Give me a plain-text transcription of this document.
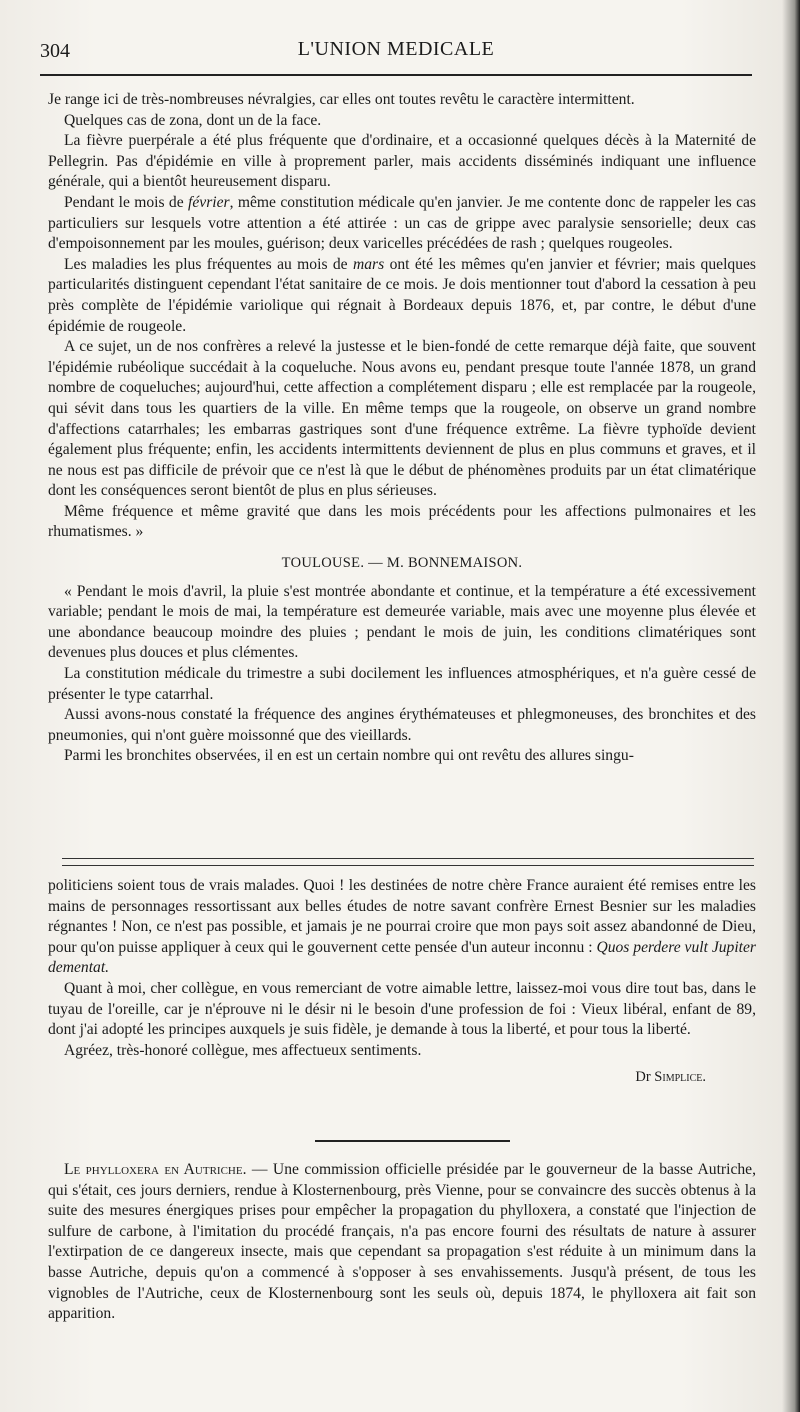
304	L'UNION MEDICALE

Je range ici de très-nombreuses névralgies, car elles ont toutes revêtu le caractère intermittent.

Quelques cas de zona, dont un de la face.

La fièvre puerpérale a été plus fréquente que d'ordinaire, et a occasionné quelques décès à la Maternité de Pellegrin. Pas d'épidémie en ville à proprement parler, mais accidents disséminés indiquant une influence générale, qui a bientôt heureusement disparu.

Pendant le mois de février, même constitution médicale qu'en janvier. Je me contente donc de rappeler les cas particuliers sur lesquels votre attention a été attirée : un cas de grippe avec paralysie sensorielle; deux cas d'empoisonnement par les moules, guérison; deux varicelles précédées de rash ; quelques rougeoles.

Les maladies les plus fréquentes au mois de mars ont été les mêmes qu'en janvier et février; mais quelques particularités distinguent cependant l'état sanitaire de ce mois. Je dois mentionner tout d'abord la cessation à peu près complète de l'épidémie variolique qui régnait à Bordeaux depuis 1876, et, par contre, le début d'une épidémie de rougeole.

A ce sujet, un de nos confrères a relevé la justesse et le bien-fondé de cette remarque déjà faite, que souvent l'épidémie rubéolique succédait à la coqueluche. Nous avons eu, pendant presque toute l'année 1878, un grand nombre de coqueluches; aujourd'hui, cette affection a complétement disparu ; elle est remplacée par la rougeole, qui sévit dans tous les quartiers de la ville. En même temps que la rougeole, on observe un grand nombre d'affections catarrhales; les embarras gastriques sont d'une fréquence extrême. La fièvre typhoïde devient également plus fréquente; enfin, les accidents intermittents deviennent de plus en plus communs et graves, et il ne nous est pas difficile de prévoir que ce n'est là que le début de phénomènes produits par un état climatérique dont les conséquences seront bientôt de plus en plus sérieuses.

Même fréquence et même gravité que dans les mois précédents pour les affections pulmonaires et les rhumatismes. »

TOULOUSE. — M. BONNEMAISON.

« Pendant le mois d'avril, la pluie s'est montrée abondante et continue, et la température a été excessivement variable; pendant le mois de mai, la température est demeurée variable, mais avec une moyenne plus élevée et une abondance beaucoup moindre des pluies ; pendant le mois de juin, les conditions climatériques sont devenues plus douces et plus clémentes.

La constitution médicale du trimestre a subi docilement les influences atmosphériques, et n'a guère cessé de présenter le type catarrhal.

Aussi avons-nous constaté la fréquence des angines érythémateuses et phlegmoneuses, des bronchites et des pneumonies, qui n'ont guère moissonné que des vieillards.

Parmi les bronchites observées, il en est un certain nombre qui ont revêtu des allures singu-

politiciens soient tous de vrais malades. Quoi ! les destinées de notre chère France auraient été remises entre les mains de personnages ressortissant aux belles études de notre savant confrère Ernest Besnier sur les maladies régnantes ! Non, ce n'est pas possible, et jamais je ne pourrai croire que mon pays soit assez abandonné de Dieu, pour qu'on puisse appliquer à ceux qui le gouvernent cette pensée d'un auteur inconnu : Quos perdere vult Jupiter dementat.

Quant à moi, cher collègue, en vous remerciant de votre aimable lettre, laissez-moi vous dire tout bas, dans le tuyau de l'oreille, car je n'éprouve ni le désir ni le besoin d'une profession de foi : Vieux libéral, enfant de 89, dont j'ai adopté les principes auxquels je suis fidèle, je demande à tous la liberté, et pour tous la liberté.

Agréez, très-honoré collègue, mes affectueux sentiments.

Dr Simplice.

Le phylloxera en Autriche. — Une commission officielle présidée par le gouverneur de la basse Autriche, qui s'était, ces jours derniers, rendue à Klosternenbourg, près Vienne, pour se convaincre des succès obtenus à la suite des mesures énergiques prises pour empêcher la propagation du phylloxera, a constaté que l'injection de sulfure de carbone, à l'imitation du procédé français, n'a pas encore fourni des résultats de nature à assurer l'extirpation de ce dangereux insecte, mais que cependant sa propagation s'est réduite à un minimum dans la basse Autriche, depuis qu'on a commencé à s'opposer à ses envahissements. Jusqu'à présent, de tous les vignobles de l'Autriche, ceux de Klosternenbourg sont les seuls où, depuis 1874, le phylloxera ait fait son apparition.
